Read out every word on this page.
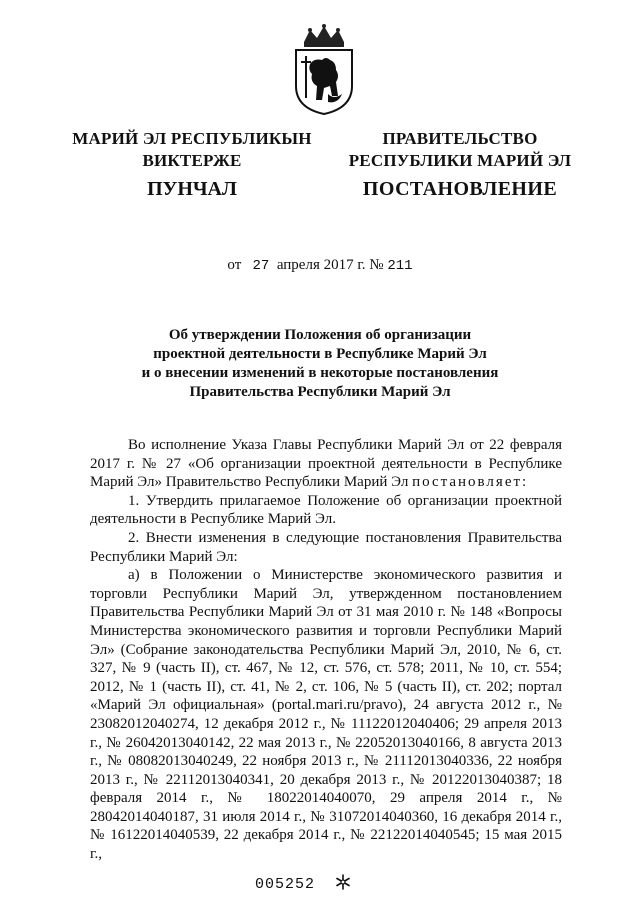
МАРИЙ ЭЛ РЕСПУБЛИКЫН
ВИКТЕРЖЕ
ПРАВИТЕЛЬСТВО
РЕСПУБЛИКИ МАРИЙ ЭЛ
ПУНЧАЛ	ПОСТАНОВЛЕНИЕ
от 27 апреля 2017 г. № 211
Об утверждении Положения об организации
проектной деятельности в Республике Марий Эл
и о внесении изменений в некоторые постановления
Правительства Республики Марий Эл

Во исполнение Указа Главы Республики Марий Эл от 22 февраля 2017 г. № 27 «Об организации проектной деятельности в Республике Марий Эл» Правительство Республики Марий Эл постановляет:

1. Утвердить прилагаемое Положение об организации проектной деятельности в Республике Марий Эл.

2. Внести изменения в следующие постановления Правительства Республики Марий Эл:

а) в Положении о Министерстве экономического развития и торговли Республики Марий Эл, утвержденном постановлением Правительства Республики Марий Эл от 31 мая 2010 г. № 148 «Вопросы Министерства экономического развития и торговли Республики Марий Эл» (Собрание законодательства Республики Марий Эл, 2010, № 6, ст. 327, № 9 (часть II), ст. 467, № 12, ст. 576, ст. 578; 2011, № 10, ст. 554; 2012, № 1 (часть II), ст. 41, № 2, ст. 106, № 5 (часть II), ст. 202; портал «Марий Эл официальная» (portal.mari.ru/pravo), 24 августа 2012 г., № 23082012040274, 12 декабря 2012 г., № 11122012040406; 29 апреля 2013 г., № 26042013040142, 22 мая 2013 г., № 22052013040166, 8 августа 2013 г., № 08082013040249, 22 ноября 2013 г., № 21112013040336, 22 ноября 2013 г., № 22112013040341, 20 декабря 2013 г., № 20122013040387; 18 февраля 2014 г., № 18022014040070, 29 апреля 2014 г., № 28042014040187, 31 июля 2014 г., № 31072014040360, 16 декабря 2014 г., № 16122014040539, 22 декабря 2014 г., № 22122014040545; 15 мая 2015 г.,

005252
